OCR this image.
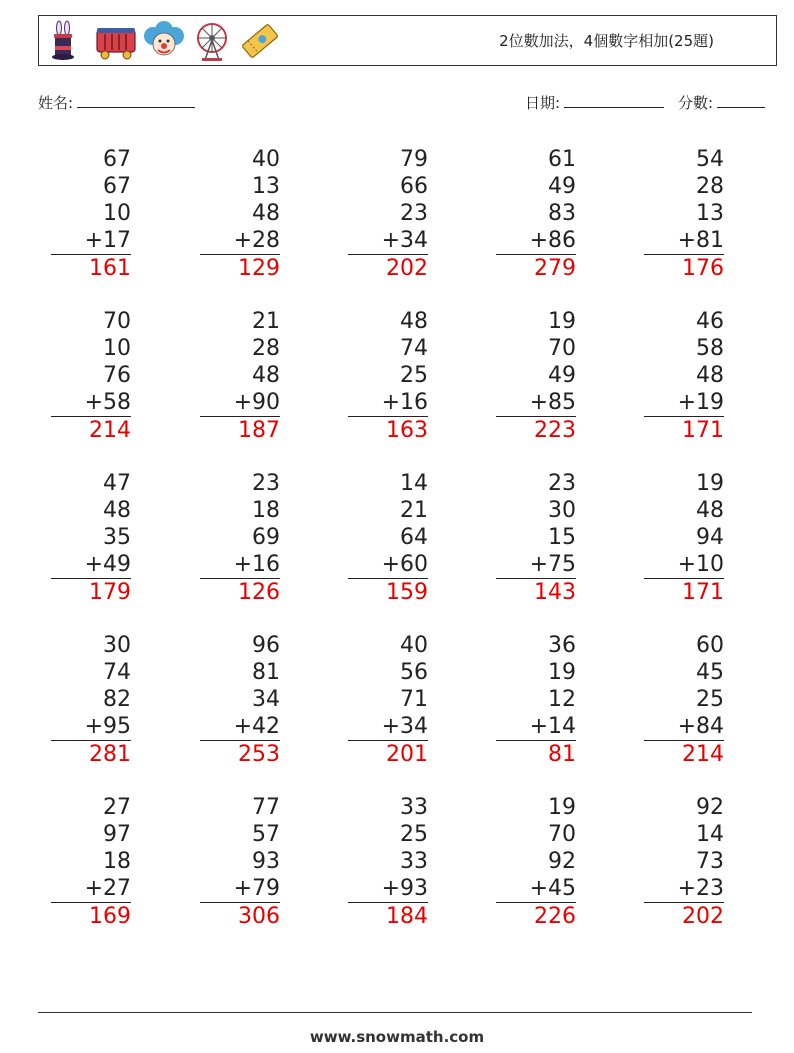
2位數加法，4個數字相加(25題)
姓名:	日期:	分數:
67
67
10
+17
161
40
13
48
+28
129
79
66
23
+34
202
61
49
83
+86
279
54
28
13
+81
176
70
10
76
+58
214
21
28
48
+90
187
48
74
25
+16
163
19
70
49
+85
223
46
58
48
+19
171
47
48
35
+49
179
23
18
69
+16
126
14
21
64
+60
159
23
30
15
+75
143
19
48
94
+10
171
30
74
82
+95
281
96
81
34
+42
253
40
56
71
+34
201
36
19
12
+14
81
60
45
25
+84
214
27
97
18
+27
169
77
57
93
+79
306
33
25
33
+93
184
19
70
92
+45
226
92
14
73
+23
202
www.snowmath.com
